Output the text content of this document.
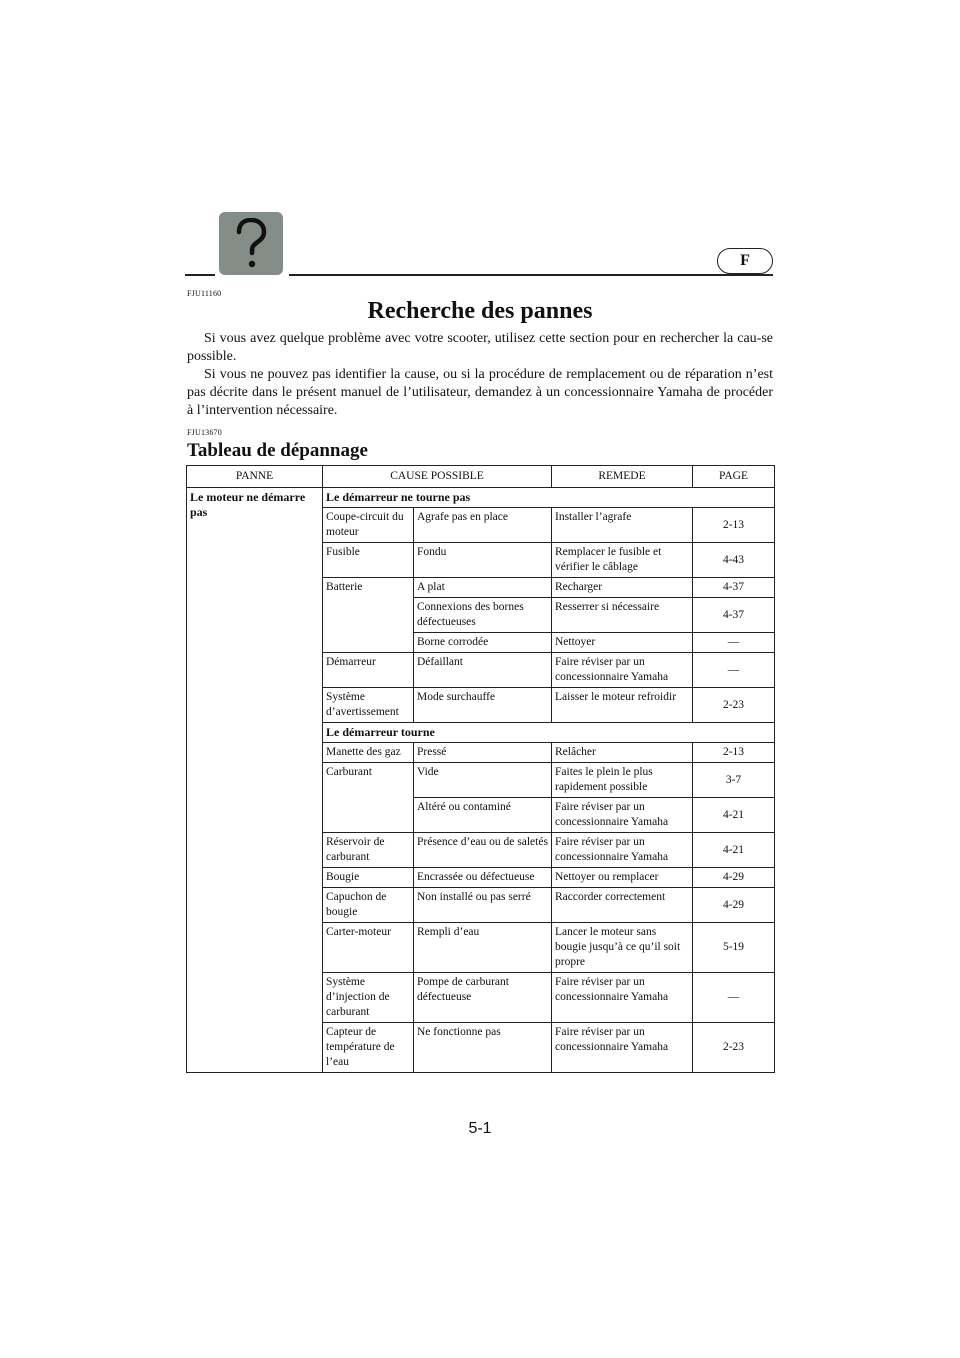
F
FJU11160
Recherche des pannes
Si vous avez quelque problème avec votre scooter, utilisez cette section pour en rechercher la cau-se possible.
Si vous ne pouvez pas identifier la cause, ou si la procédure de remplacement ou de réparation n’est pas décrite dans le présent manuel de l’utilisateur, demandez à un concessionnaire Yamaha de procéder à l’intervention nécessaire.
FJU13670
Tableau de dépannage
PANNE	CAUSE POSSIBLE		REMEDE	PAGE
Le moteur ne démarre pas	Le démarreur ne tourne pas			
	Coupe-circuit du moteur	Agrafe pas en place	Installer l’agrafe	2-13
	Fusible	Fondu	Remplacer le fusible et vérifier le câblage	4-43
	Batterie	A plat	Recharger	4-37
		Connexions des bornes défectueuses	Resserrer si nécessaire	4-37
		Borne corrodée	Nettoyer	—
	Démarreur	Défaillant	Faire réviser par un concessionnaire Yamaha	—
	Système d’avertissement	Mode surchauffe	Laisser le moteur refroidir	2-23
	Le démarreur tourne			
	Manette des gaz	Pressé	Relâcher	2-13
	Carburant	Vide	Faites le plein le plus rapidement possible	3-7
		Altéré ou contaminé	Faire réviser par un concessionnaire Yamaha	4-21
	Réservoir de carburant	Présence d’eau ou de saletés	Faire réviser par un concessionnaire Yamaha	4-21
	Bougie	Encrassée ou défectueuse	Nettoyer ou remplacer	4-29
	Capuchon de bougie	Non installé ou pas serré	Raccorder correctement	4-29
	Carter-moteur	Rempli d’eau	Lancer le moteur sans bougie jusqu’à ce qu’il soit propre	5-19
	Système d’injection de carburant	Pompe de carburant défectueuse	Faire réviser par un concessionnaire Yamaha	—
	Capteur de température de l’eau	Ne fonctionne pas	Faire réviser par un concessionnaire Yamaha	2-23
5-1
